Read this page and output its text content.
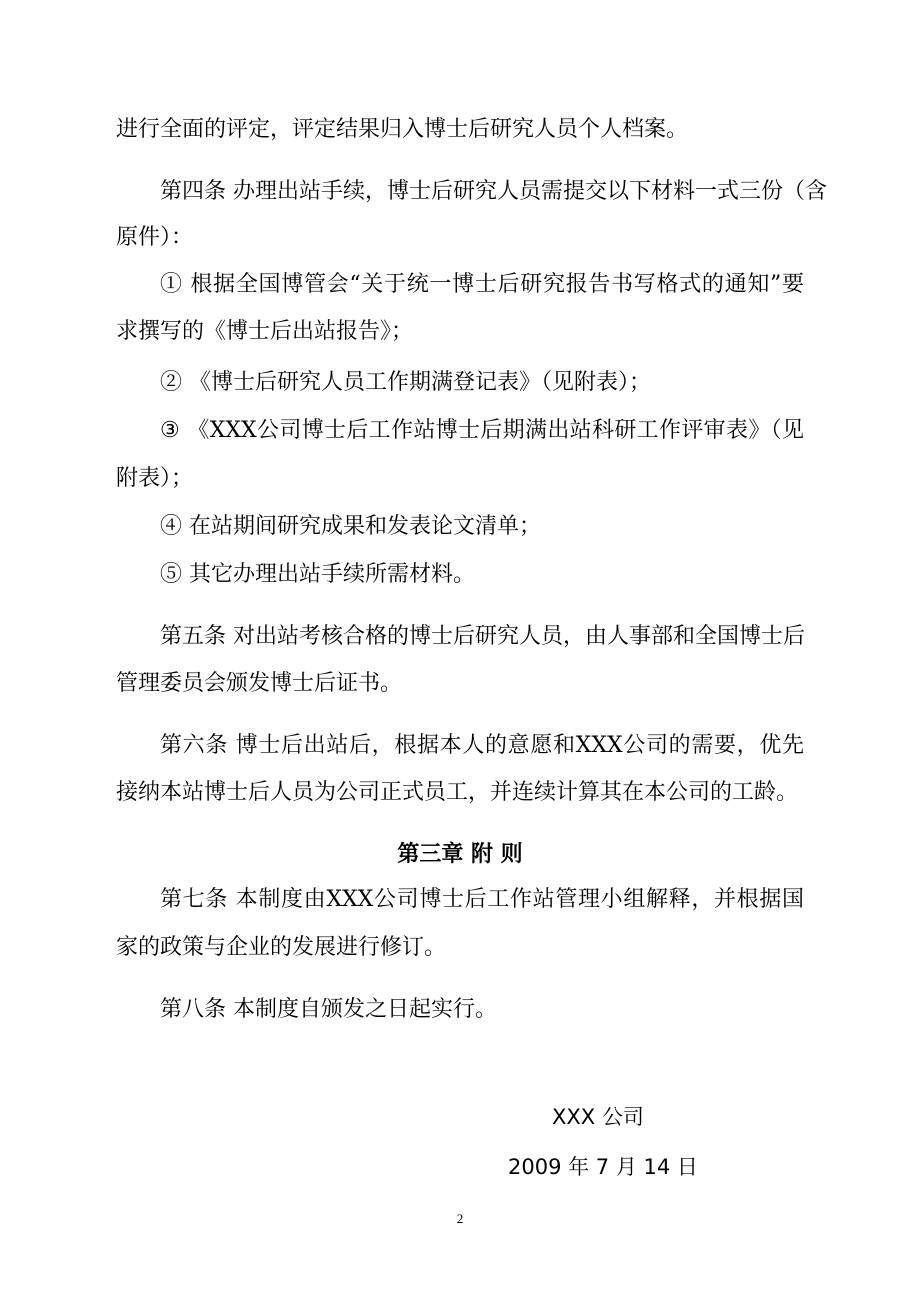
进行全面的评定，评定结果归入博士后研究人员个人档案。
第四条 办理出站手续，博士后研究人员需提交以下材料一式三份（含
原件）：
① 根据全国博管会“关于统一博士后研究报告书写格式的通知”要
求撰写的《博士后出站报告》；
② 《博士后研究人员工作期满登记表》（见附表）；
③ 《XXX公司博士后工作站博士后期满出站科研工作评审表》（见
附表）；
④ 在站期间研究成果和发表论文清单；
⑤ 其它办理出站手续所需材料。
第五条 对出站考核合格的博士后研究人员，由人事部和全国博士后
管理委员会颁发博士后证书。
第六条 博士后出站后，根据本人的意愿和XXX公司的需要，优先
接纳本站博士后人员为公司正式员工，并连续计算其在本公司的工龄。
第三章 附 则
第七条 本制度由XXX公司博士后工作站管理小组解释，并根据国
家的政策与企业的发展进行修订。
第八条 本制度自颁发之日起实行。
XXX 公司
2009 年 7 月 14 日
2
